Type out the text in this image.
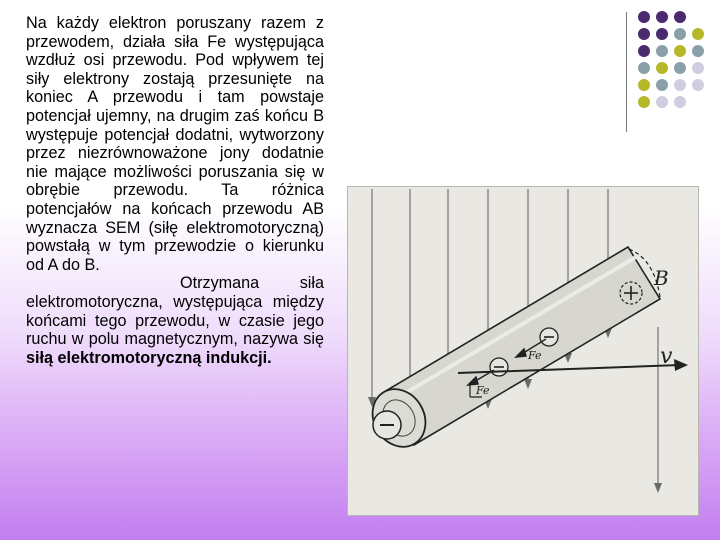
Na każdy elektron poruszany razem z przewodem, działa siła Fe występująca wzdłuż osi przewodu. Pod wpływem tej siły elektrony zostają przesunięte na koniec A przewodu i tam powstaje potencjał ujemny, na drugim zaś końcu B występuje potencjał dodatni, wytworzony przez niezrównoważone jony dodatnie nie mające możliwości poruszania się w obrębie przewodu. Ta różnica potencjałów na końcach przewodu AB wyznacza SEM (siłę elektromotoryczną) powstałą w tym przewodzie o kierunku od A do B.

Otrzymana siła elektromotoryczna, występująca między końcami tego przewodu, w czasie jego ruchu w polu magnetycznym, nazywa się siłą elektromotoryczną indukcji.

B
v
Fe
Fe
